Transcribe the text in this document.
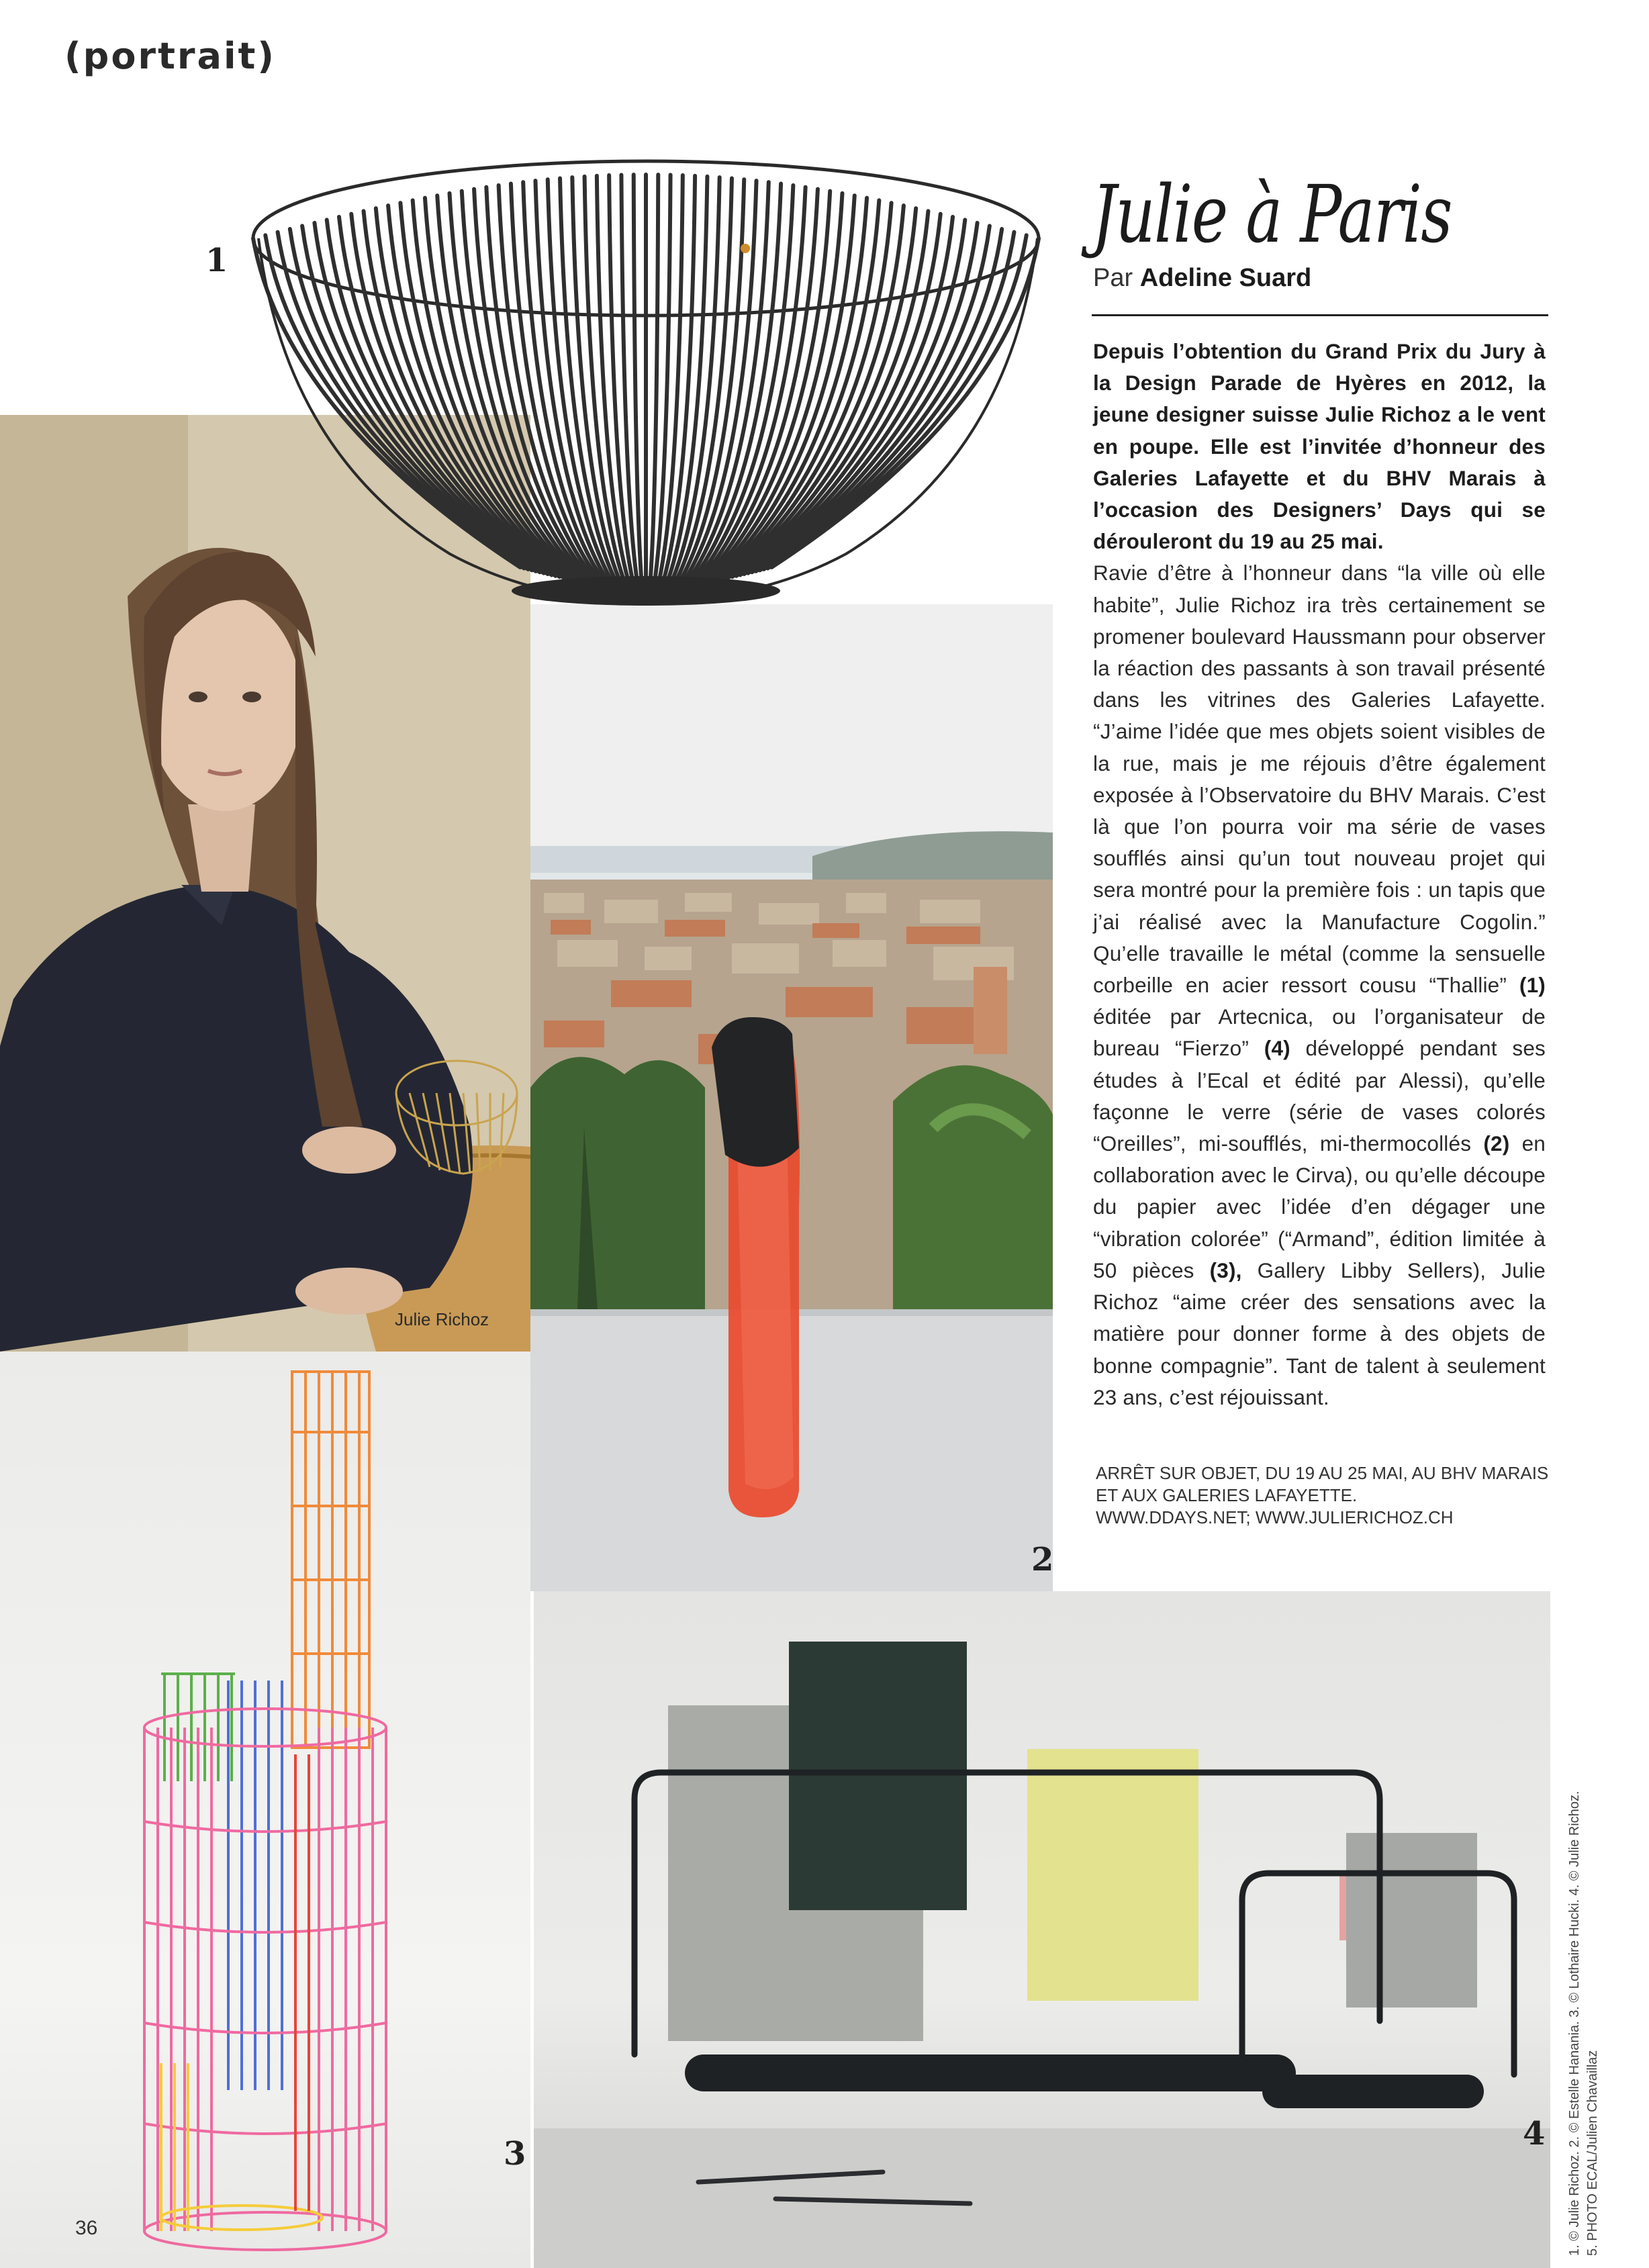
(portrait)
Julie Richoz
1
2
3
4
Julie à Paris
Par Adeline Suard

Depuis l’obtention du Grand Prix du Jury à la Design Parade de Hyères en 2012, la jeune designer suisse Julie Richoz a le vent en poupe. Elle est l’invitée d’honneur des Galeries Lafayette et du BHV Marais à l’occasion des Designers’ Days qui se dérouleront du 19 au 25 mai.

Ravie d’être à l’honneur dans “la ville où elle habite”, Julie Richoz ira très certainement se promener boulevard Haussmann pour observer la réaction des passants à son travail présenté dans les vitrines des Galeries Lafayette. “J’aime l’idée que mes objets soient visibles de la rue, mais je me réjouis d’être également exposée à l’Observatoire du BHV Marais. C’est là que l’on pourra voir ma série de vases soufflés ainsi qu’un tout nouveau projet qui sera montré pour la première fois : un tapis que j’ai réalisé avec la Manufacture Cogolin.” Qu’elle travaille le métal (comme la sensuelle corbeille en acier ressort cousu “Thallie” (1) éditée par Artecnica, ou l’organisateur de bureau “Fierzo” (4) développé pendant ses études à l’Ecal et édité par Alessi), qu’elle façonne le verre (série de vases colorés “Oreilles”, mi-soufflés, mi-thermocollés (2) en collaboration avec le Cirva), ou qu’elle découpe du papier avec l’idée d’en dégager une “vibration colorée” (“Armand”, édition limitée à 50 pièces (3), Gallery Libby Sellers), Julie Richoz “aime créer des sensations avec la matière pour donner forme à des objets de bonne compagnie”. Tant de talent à seulement 23 ans, c’est réjouissant.

ARRÊT SUR OBJET, DU 19 AU 25 MAI, AU BHV MARAIS

ET AUX GALERIES LAFAYETTE.

WWW.DDAYS.NET; WWW.JULIERICHOZ.CH

1. © Julie Richoz. 2. © Estelle Hanania. 3. © Lothaire Hucki. 4. © Julie Richoz. 5. PHOTO ECAL/Julien Chavaillaz

36
